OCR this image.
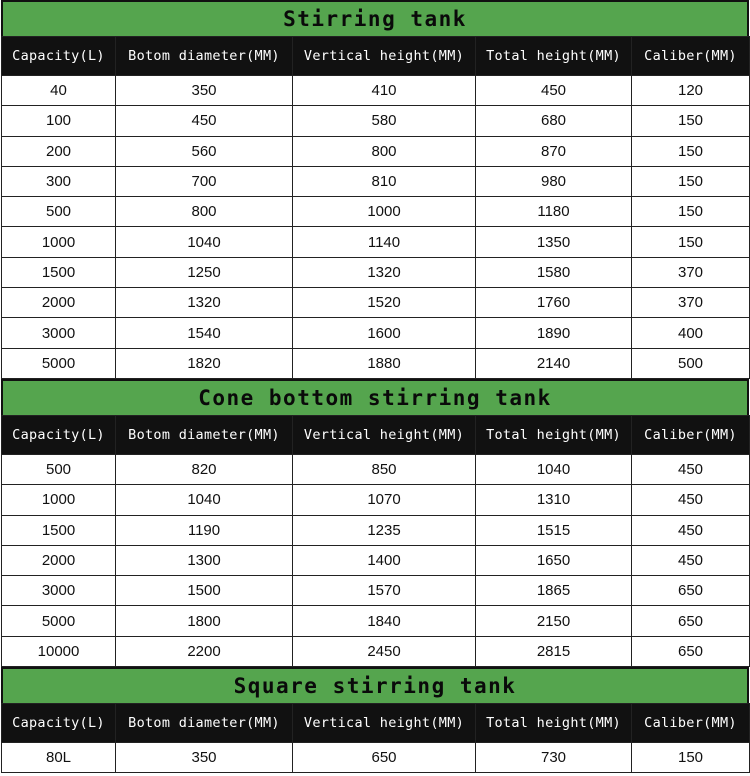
Stirring tank
Capacity(L)	Botom diameter(MM)	Vertical height(MM)	Total height(MM)	Caliber(MM)
40	350	410	450	120
100	450	580	680	150
200	560	800	870	150
300	700	810	980	150
500	800	1000	1180	150
1000	1040	1140	1350	150
1500	1250	1320	1580	370
2000	1320	1520	1760	370
3000	1540	1600	1890	400
5000	1820	1880	2140	500
Cone bottom stirring tank
Capacity(L)	Botom diameter(MM)	Vertical height(MM)	Total height(MM)	Caliber(MM)
500	820	850	1040	450
1000	1040	1070	1310	450
1500	1190	1235	1515	450
2000	1300	1400	1650	450
3000	1500	1570	1865	650
5000	1800	1840	2150	650
10000	2200	2450	2815	650
Square stirring tank
Capacity(L)	Botom diameter(MM)	Vertical height(MM)	Total height(MM)	Caliber(MM)
80L	350	650	730	150
